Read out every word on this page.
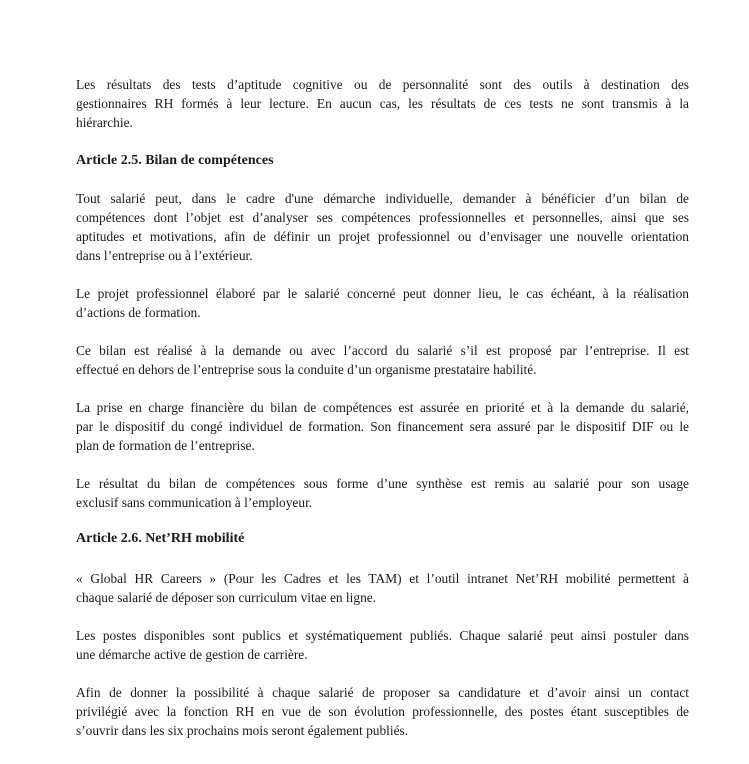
Les résultats des tests d’aptitude cognitive ou de personnalité sont des outils à destination des
gestionnaires RH formés à leur lecture. En aucun cas, les résultats de ces tests ne sont transmis à la
hiérarchie.
Article 2.5. Bilan de compétences
Tout salarié peut, dans le cadre d'une démarche individuelle, demander à bénéficier d’un bilan de
compétences dont l’objet est d’analyser ses compétences professionnelles et personnelles, ainsi que ses
aptitudes et motivations, afin de définir un projet professionnel ou d’envisager une nouvelle orientation
dans l’entreprise ou à l’extérieur.
Le projet professionnel élaboré par le salarié concerné peut donner lieu, le cas échéant, à la réalisation
d’actions de formation.
Ce bilan est réalisé à la demande ou avec l’accord du salarié s’il est proposé par l’entreprise. Il est
effectué en dehors de l’entreprise sous la conduite d’un organisme prestataire habilité.
La prise en charge financière du bilan de compétences est assurée en priorité et à la demande du salarié,
par le dispositif du congé individuel de formation. Son financement sera assuré par le dispositif DIF ou le
plan de formation de l’entreprise.
Le résultat du bilan de compétences sous forme d’une synthèse est remis au salarié pour son usage
exclusif sans communication à l’employeur.
Article 2.6. Net’RH mobilité
« Global HR Careers » (Pour les Cadres et les TAM) et l’outil intranet Net’RH mobilité permettent à
chaque salarié de déposer son curriculum vitae en ligne.
Les postes disponibles sont publics et systématiquement publiés. Chaque salarié peut ainsi postuler dans
une démarche active de gestion de carrière.
Afin de donner la possibilité à chaque salarié de proposer sa candidature et d’avoir ainsi un contact
privilégié avec la fonction RH en vue de son évolution professionnelle, des postes étant susceptibles de
s’ouvrir dans les six prochains mois seront également publiés.
